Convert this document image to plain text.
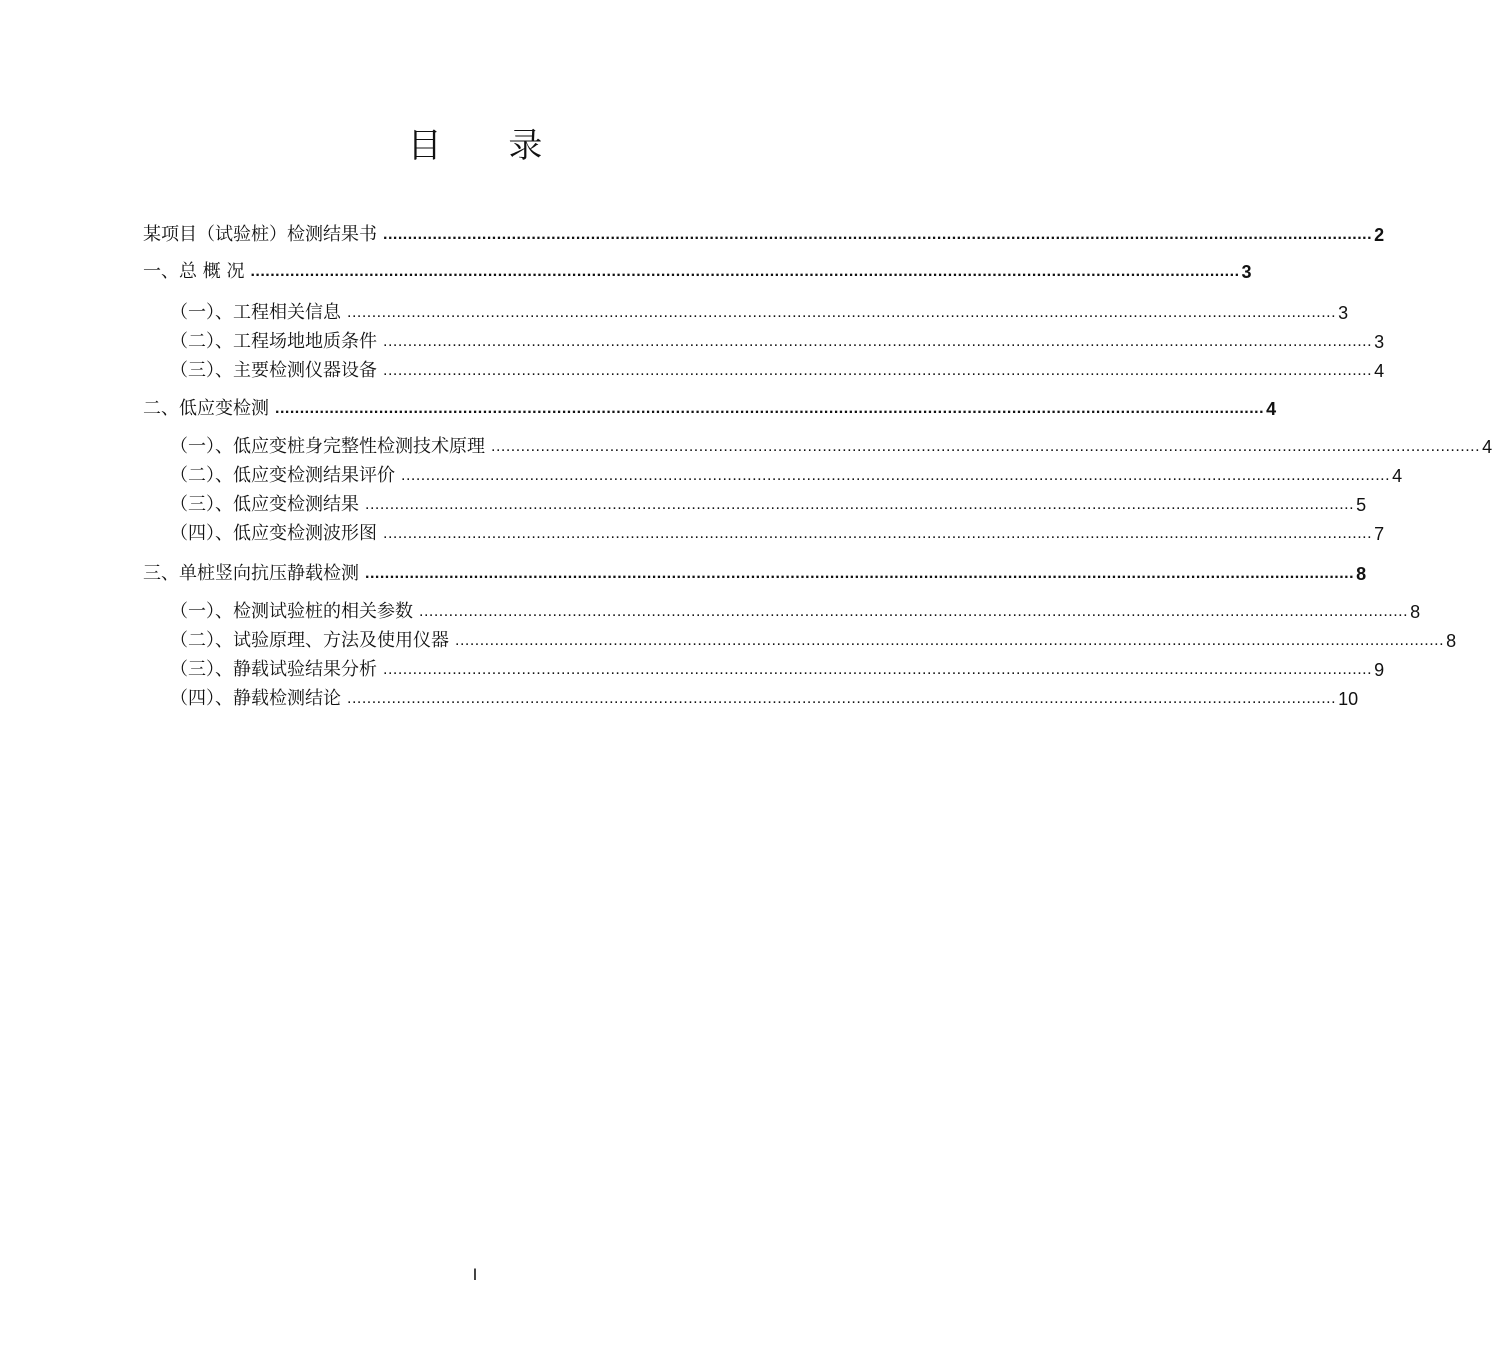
目 录
某项目（试验桩）检测结果书 ........................................................................................................................................................................................................ 2
一、总 概 况 ........................................................................................................................................................................................................ 3
（一）、工程相关信息 ........................................................................................................................................................................................................ 3
（二）、工程场地地质条件 ........................................................................................................................................................................................................ 3
（三）、主要检测仪器设备 ........................................................................................................................................................................................................ 4
二、低应变检测 ........................................................................................................................................................................................................ 4
（一）、低应变桩身完整性检测技术原理 ........................................................................................................................................................................................................ 4
（二）、低应变检测结果评价 ........................................................................................................................................................................................................ 4
（三）、低应变检测结果 ........................................................................................................................................................................................................ 5
（四）、低应变检测波形图 ........................................................................................................................................................................................................ 7
三、单桩竖向抗压静载检测 ........................................................................................................................................................................................................ 8
（一）、检测试验桩的相关参数 ........................................................................................................................................................................................................ 8
（二）、试验原理、方法及使用仪器 ........................................................................................................................................................................................................ 8
（三）、静载试验结果分析 ........................................................................................................................................................................................................ 9
（四）、静载检测结论 ........................................................................................................................................................................................................ 10
I
